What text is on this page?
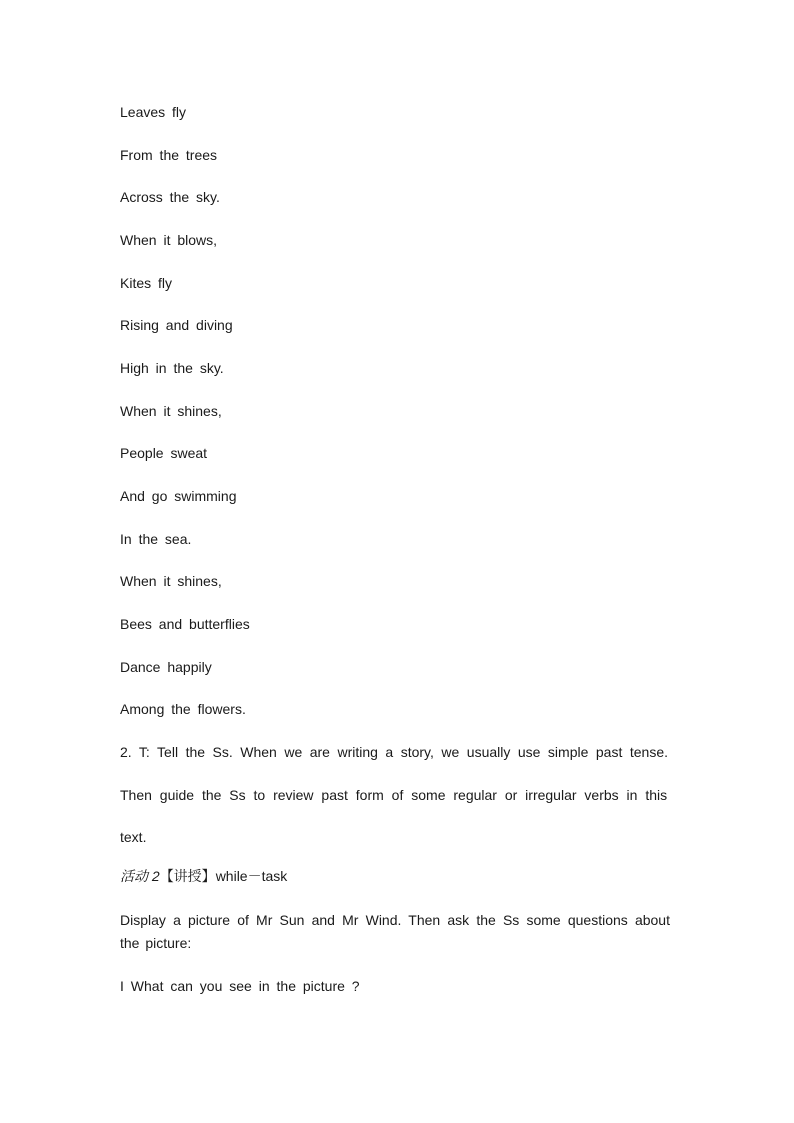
Leaves fly
From the trees
Across the sky.
When it blows,
Kites fly
Rising and diving
High in the sky.
When it shines,
People sweat
And go swimming
In the sea.
When it shines,
Bees and butterflies
Dance happily
Among the flowers.
2. T: Tell the Ss. When we are writing a story, we usually use simple past tense.
Then guide the Ss to review past form of some regular or irregular verbs in this
text.
活动 2【讲授】while－task
Display a picture of Mr Sun and Mr Wind. Then ask the Ss some questions about the picture:
I What can you see in the picture ?
